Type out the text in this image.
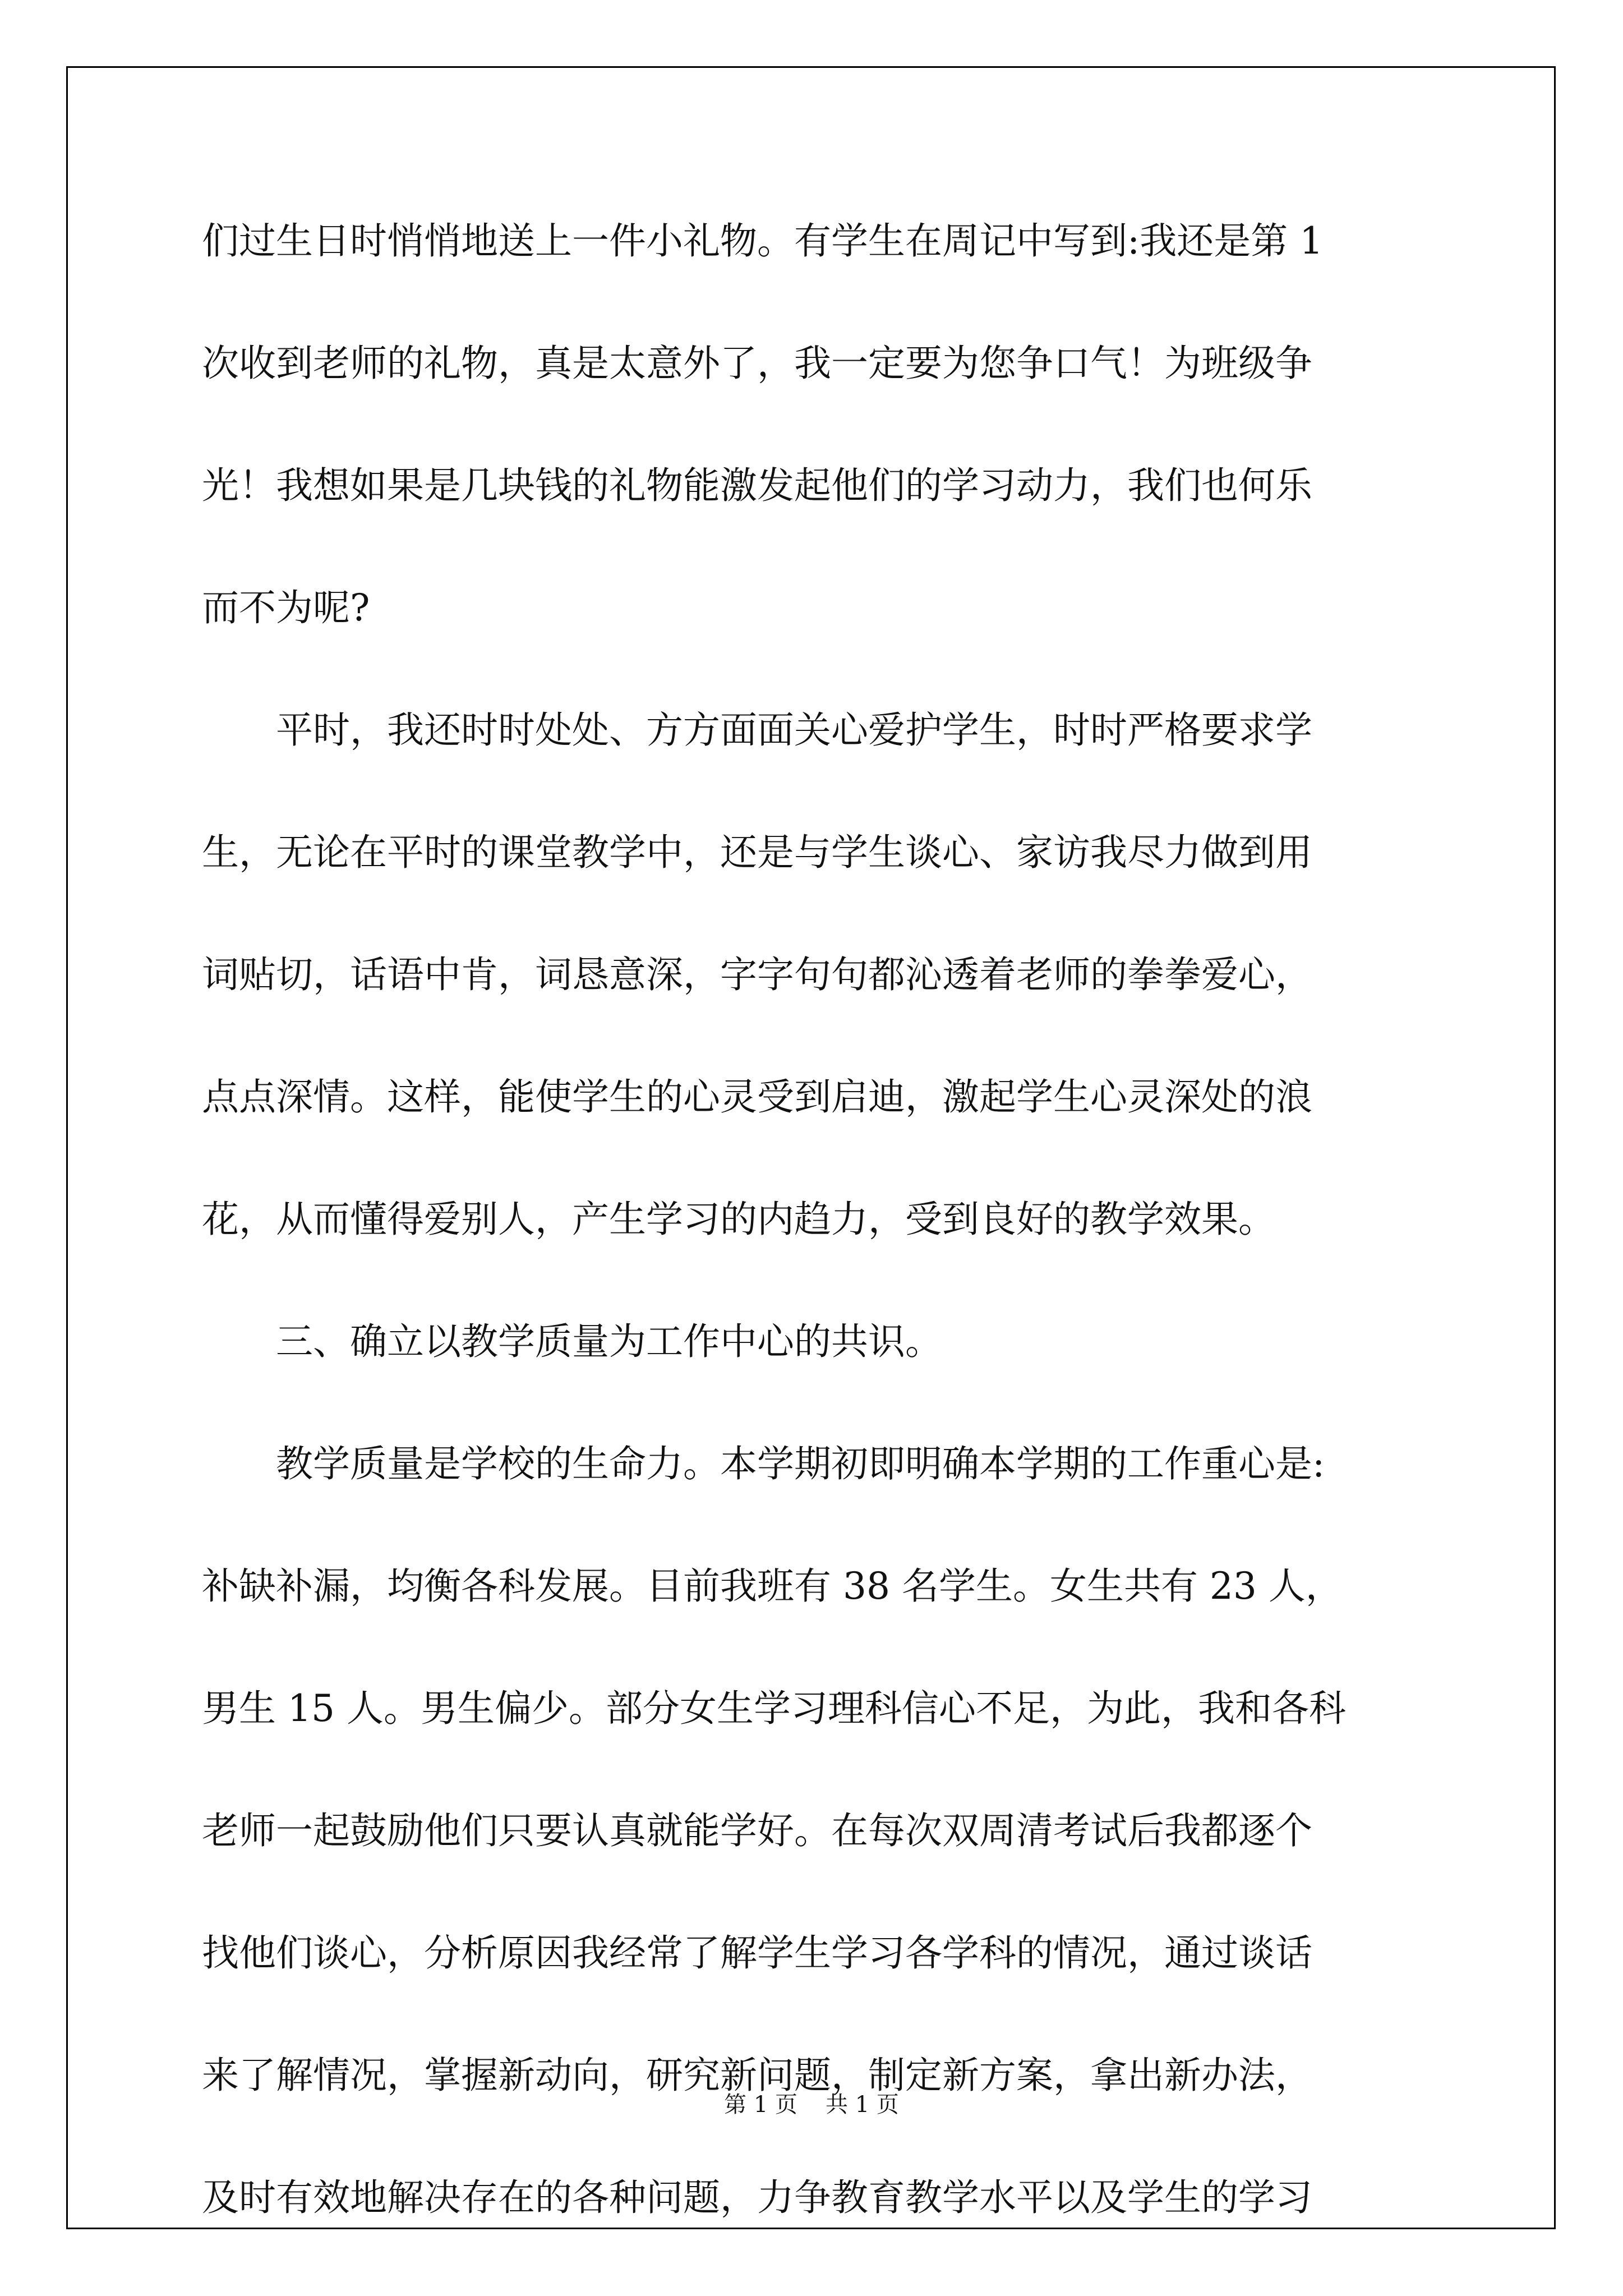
们过生日时悄悄地送上一件小礼物。有学生在周记中写到:我还是第 1
次收到老师的礼物，真是太意外了，我一定要为您争口气！为班级争
光！我想如果是几块钱的礼物能激发起他们的学习动力，我们也何乐
而不为呢?
平时，我还时时处处、方方面面关心爱护学生，时时严格要求学
生，无论在平时的课堂教学中，还是与学生谈心、家访我尽力做到用
词贴切，话语中肯，词恳意深，字字句句都沁透着老师的拳拳爱心，
点点深情。这样，能使学生的心灵受到启迪，激起学生心灵深处的浪
花，从而懂得爱别人，产生学习的内趋力，受到良好的教学效果。
三、确立以教学质量为工作中心的共识。
教学质量是学校的生命力。本学期初即明确本学期的工作重心是:
补缺补漏，均衡各科发展。目前我班有 38 名学生。女生共有 23 人，
男生 15 人。男生偏少。部分女生学习理科信心不足，为此，我和各科
老师一起鼓励他们只要认真就能学好。在每次双周清考试后我都逐个
找他们谈心，分析原因我经常了解学生学习各学科的情况，通过谈话
来了解情况，掌握新动向，研究新问题，制定新方案，拿出新办法，
及时有效地解决存在的各种问题，力争教育教学水平以及学生的学习
第 1 页 共 1 页
